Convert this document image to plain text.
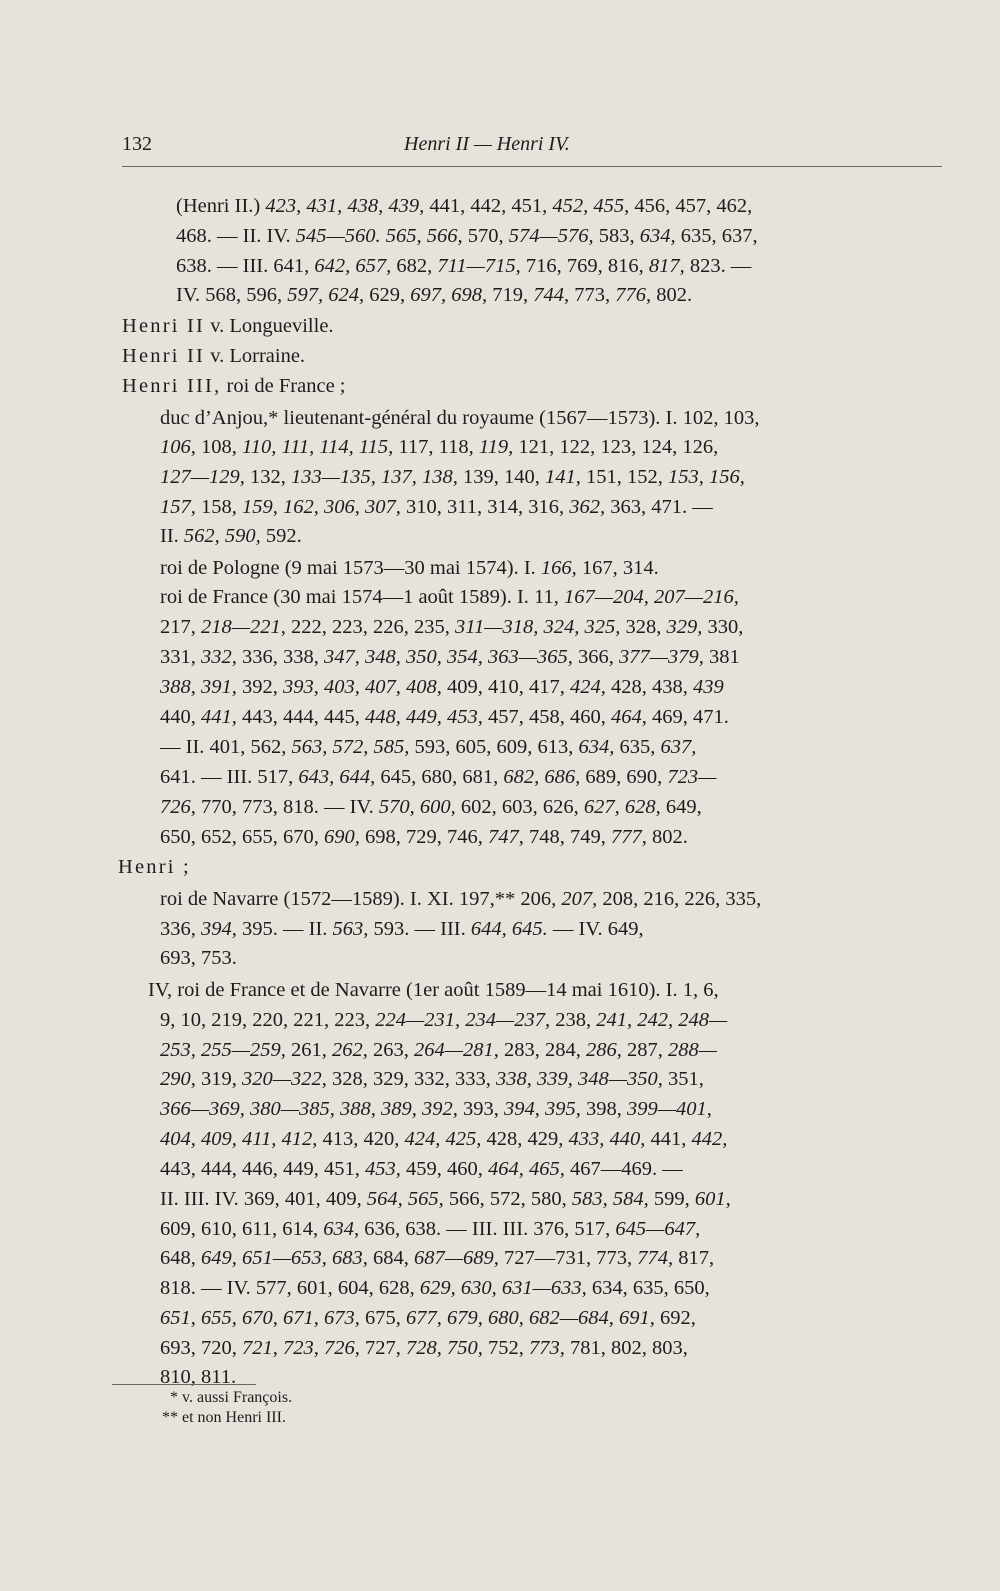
132	Henri II — Henri IV.
(Henri II.) 423, 431, 438, 439, 441, 442, 451, 452, 455, 456, 457, 462,
468. — II. IV. 545—560. 565, 566, 570, 574—576, 583, 634, 635, 637,
638. — III. 641, 642, 657, 682, 711—715, 716, 769, 816, 817, 823. —
IV. 568, 596, 597, 624, 629, 697, 698, 719, 744, 773, 776, 802.
Henri II v. Longueville.
Henri II v. Lorraine.
Henri III, roi de France ;
duc d’Anjou,* lieutenant-général du royaume (1567—1573). I. 102, 103,
106, 108, 110, 111, 114, 115, 117, 118, 119, 121, 122, 123, 124, 126,
127—129, 132, 133—135, 137, 138, 139, 140, 141, 151, 152, 153, 156,
157, 158, 159, 162, 306, 307, 310, 311, 314, 316, 362, 363, 471. —
II. 562, 590, 592.
roi de Pologne (9 mai 1573—30 mai 1574). I. 166, 167, 314.
roi de France (30 mai 1574—1 août 1589). I. 11, 167—204, 207—216,
217, 218—221, 222, 223, 226, 235, 311—318, 324, 325, 328, 329, 330,
331, 332, 336, 338, 347, 348, 350, 354, 363—365, 366, 377—379, 381
388, 391, 392, 393, 403, 407, 408, 409, 410, 417, 424, 428, 438, 439
440, 441, 443, 444, 445, 448, 449, 453, 457, 458, 460, 464, 469, 471.
— II. 401, 562, 563, 572, 585, 593, 605, 609, 613, 634, 635, 637,
641. — III. 517, 643, 644, 645, 680, 681, 682, 686, 689, 690, 723—
726, 770, 773, 818. — IV. 570, 600, 602, 603, 626, 627, 628, 649,
650, 652, 655, 670, 690, 698, 729, 746, 747, 748, 749, 777, 802.
Henri ;
roi de Navarre (1572—1589). I. XI. 197,** 206, 207, 208, 216, 226, 335,
336, 394, 395. — II. 563, 593. — III. 644, 645. — IV. 649,
693, 753.
IV, roi de France et de Navarre (1er août 1589—14 mai 1610). I. 1, 6,
9, 10, 219, 220, 221, 223, 224—231, 234—237, 238, 241, 242, 248—
253, 255—259, 261, 262, 263, 264—281, 283, 284, 286, 287, 288—
290, 319, 320—322, 328, 329, 332, 333, 338, 339, 348—350, 351,
366—369, 380—385, 388, 389, 392, 393, 394, 395, 398, 399—401,
404, 409, 411, 412, 413, 420, 424, 425, 428, 429, 433, 440, 441, 442,
443, 444, 446, 449, 451, 453, 459, 460, 464, 465, 467—469. —
II. III. IV. 369, 401, 409, 564, 565, 566, 572, 580, 583, 584, 599, 601,
609, 610, 611, 614, 634, 636, 638. — III. III. 376, 517, 645—647,
648, 649, 651—653, 683, 684, 687—689, 727—731, 773, 774, 817,
818. — IV. 577, 601, 604, 628, 629, 630, 631—633, 634, 635, 650,
651, 655, 670, 671, 673, 675, 677, 679, 680, 682—684, 691, 692,
693, 720, 721, 723, 726, 727, 728, 750, 752, 773, 781, 802, 803,
810, 811.
* v. aussi François.
** et non Henri III.
